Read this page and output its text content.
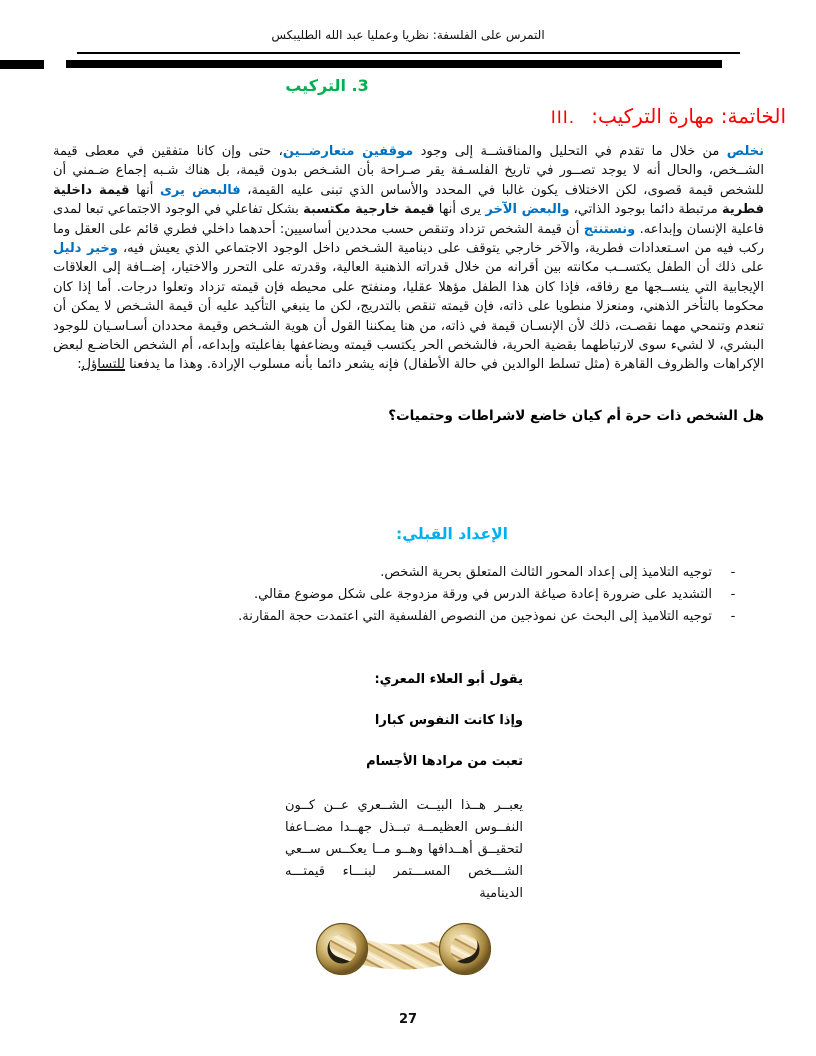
التمرس على الفلسفة: نظريا وعمليا عبد الله الطليبكس
3. التركيب
III. الخاتمة: مهارة التركيب:
نخلص من خلال ما تقدم في التحليل والمناقشــة إلى وجود موقفين متعارضــين، حتى وإن كانا متفقين في معطى قيمة الشــخص، والحال أنه لا يوجد تصــور في تاريخ الفلسـفة يقر صـراحة بأن الشـخص بدون قيمة، بل هناك شـبه إجماع ضـمني أن للشخص قيمة قصوى، لكن الاختلاف يكون غالبا في المحدد والأساس الذي تبنى عليه القيمة، فالبعض يرى أنها قيمة داخلية فطرية مرتبطة دائما بوجود الذاتي، والبعض الآخر يرى أنها قيمة خارجية مكتسبة بشكل تفاعلي في الوجود الاجتماعي تبعا لمدى فاعلية الإنسان وإبداعه. ونستنتج أن قيمة الشخص تزداد وتنقص حسب محددين أساسيين: أحدهما داخلي فطري قائم على العقل وما ركب فيه من اسـتعدادات فطرية، والآخر خارجي يتوقف على دينامية الشـخص داخل الوجود الاجتماعي الذي يعيش فيه، وخير دليل على ذلك أن الطفل يكتســب مكانته بين أقرانه من خلال قدراته الذهنية العالية، وقدرته على التحرر والاختيار، إضــافة إلى العلاقات الإيجابية التي ينســجها مع رفاقه، فإذا كان هذا الطفل مؤهلا عقليا، ومنفتح على محيطه فإن قيمته تزداد وتعلوا درجات. أما إذا كان محكوما بالتأخر الذهني، ومنعزلا منطويا على ذاته، فإن قيمته تنقص بالتدريج، لكن ما ينبغي التأكيد عليه أن قيمة الشـخص لا يمكن أن تنعدم وتنمحي مهما نقصـت، ذلك لأن الإنسـان قيمة في ذاته، من هنا يمكننا القول أن هوية الشـخص وقيمة محددان أسـاسـيان للوجود البشري، لا لشيء سوى لارتباطهما بقضية الحرية، فالشخص الحر يكتسب قيمته ويضاعفها بفاعليته وإبداعه، أم الشخص الخاضـع لبعض الإكراهات والظروف القاهرة (مثل تسلط الوالدين في حالة الأطفال) فإنه يشعر دائما بأنه مسلوب الإرادة. وهذا ما يدفعنا للتساؤل:
هل الشخص ذات حرة أم كيان خاضع لاشراطات وحتميات؟
الإعداد القبلي:
-
توجيه التلاميذ إلى إعداد المحور الثالث المتعلق بحرية الشخص.
-
التشديد على ضرورة إعادة صياغة الدرس في ورقة مزدوجة على شكل موضوع مقالي.
-
توجيه التلاميذ إلى البحث عن نموذجين من النصوص الفلسفية التي اعتمدت حجة المقارنة.
يقول أبو العلاء المعري:
وإذا كانت النفوس كبارا
تعبت من مرادها الأجسام
يعبــر هــذا البيــت الشــعري عــن كــون النفــوس العظيمــة تبــذل جهــدا مضــاعفا لتحقيــق أهــدافها وهــو مــا يعكــس ســعي الشـــخص المســـتمر لبنـــاء قيمتـــه الدينامية
27
